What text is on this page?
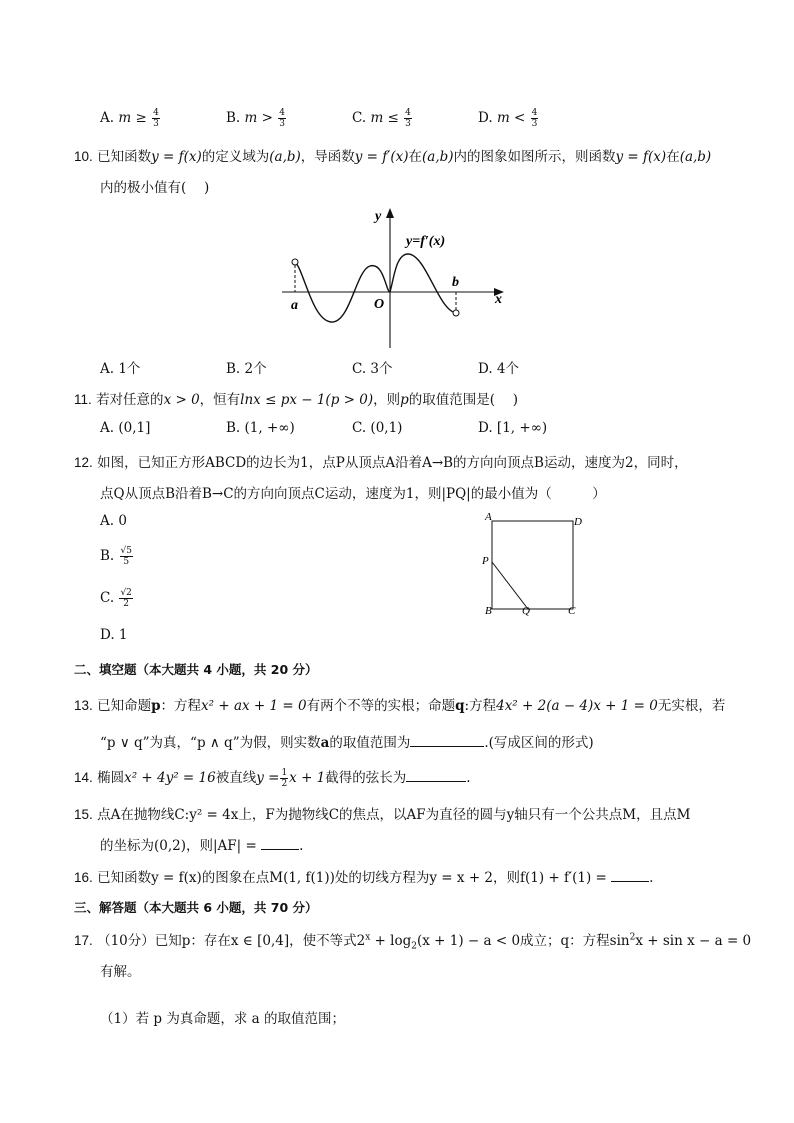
A. $m \ge \frac{4}{3}$	B. $m > \frac{4}{3}$	C. $m \le \frac{4}{3}$	D. $m < \frac{4}{3}$
10. 已知函数y = f(x)的定义域为(a,b)，导函数y = f′(x)在(a,b)内的图象如图所示，则函数y = f(x)在(a,b)
内的极小值有(　 )
y
x
O
a
b
y=f′(x)
A. 1个	B. 2个	C. 3个	D. 4个
11. 若对任意的x > 0，恒有lnx ≤ px − 1(p > 0)，则p的取值范围是(　 )
A. (0,1]	B. (1, +∞)	C. (0,1)	D. [1, +∞)
12. 如图，已知正方形ABCD的边长为1，点P从顶点A沿着A→B的方向向顶点B运动，速度为2，同时，
点Q从顶点B沿着B→C的方向向顶点C运动，速度为1，则|PQ|的最小值为（　　　）
A. 0
B. $\frac{√5}{5}$
C. $\frac{√2}{2}$
D. 1
A	D
P
B	Q	C
二、填空题（本大题共 4 小题，共 20 分）
13. 已知命题p：方程x² + ax + 1 = 0有两个不等的实根；命题q:方程4x² + 2(a − 4)x + 1 = 0无实根，若
“p ∨ q”为真，“p ∧ q”为假，则实数a的取值范围为	.(写成区间的形式)
14. 椭圆x² + 4y² = 16被直线$y = \frac{1}{2}$ x + 1截得的弦长为	.
15. 点A在抛物线C:y² = 4x上，F为抛物线C的焦点，以AF为直径的圆与y轴只有一个公共点M，且点M
的坐标为(0,2)，则|AF| =	.
16. 已知函数y = f(x)的图象在点M(1, f(1))处的切线方程为y = x + 2，则f(1) + f′(1) =	.
三、解答题（本大题共 6 小题，共 70 分）
17. （10分）已知p：存在x ∈ [0,4]，使不等式$2^x + \log_2(x + 1) - a < 0$成立；q：方程$\sin^2x + \sin x - a = 0$
有解。
（1）若 p 为真命题，求 a 的取值范围；
